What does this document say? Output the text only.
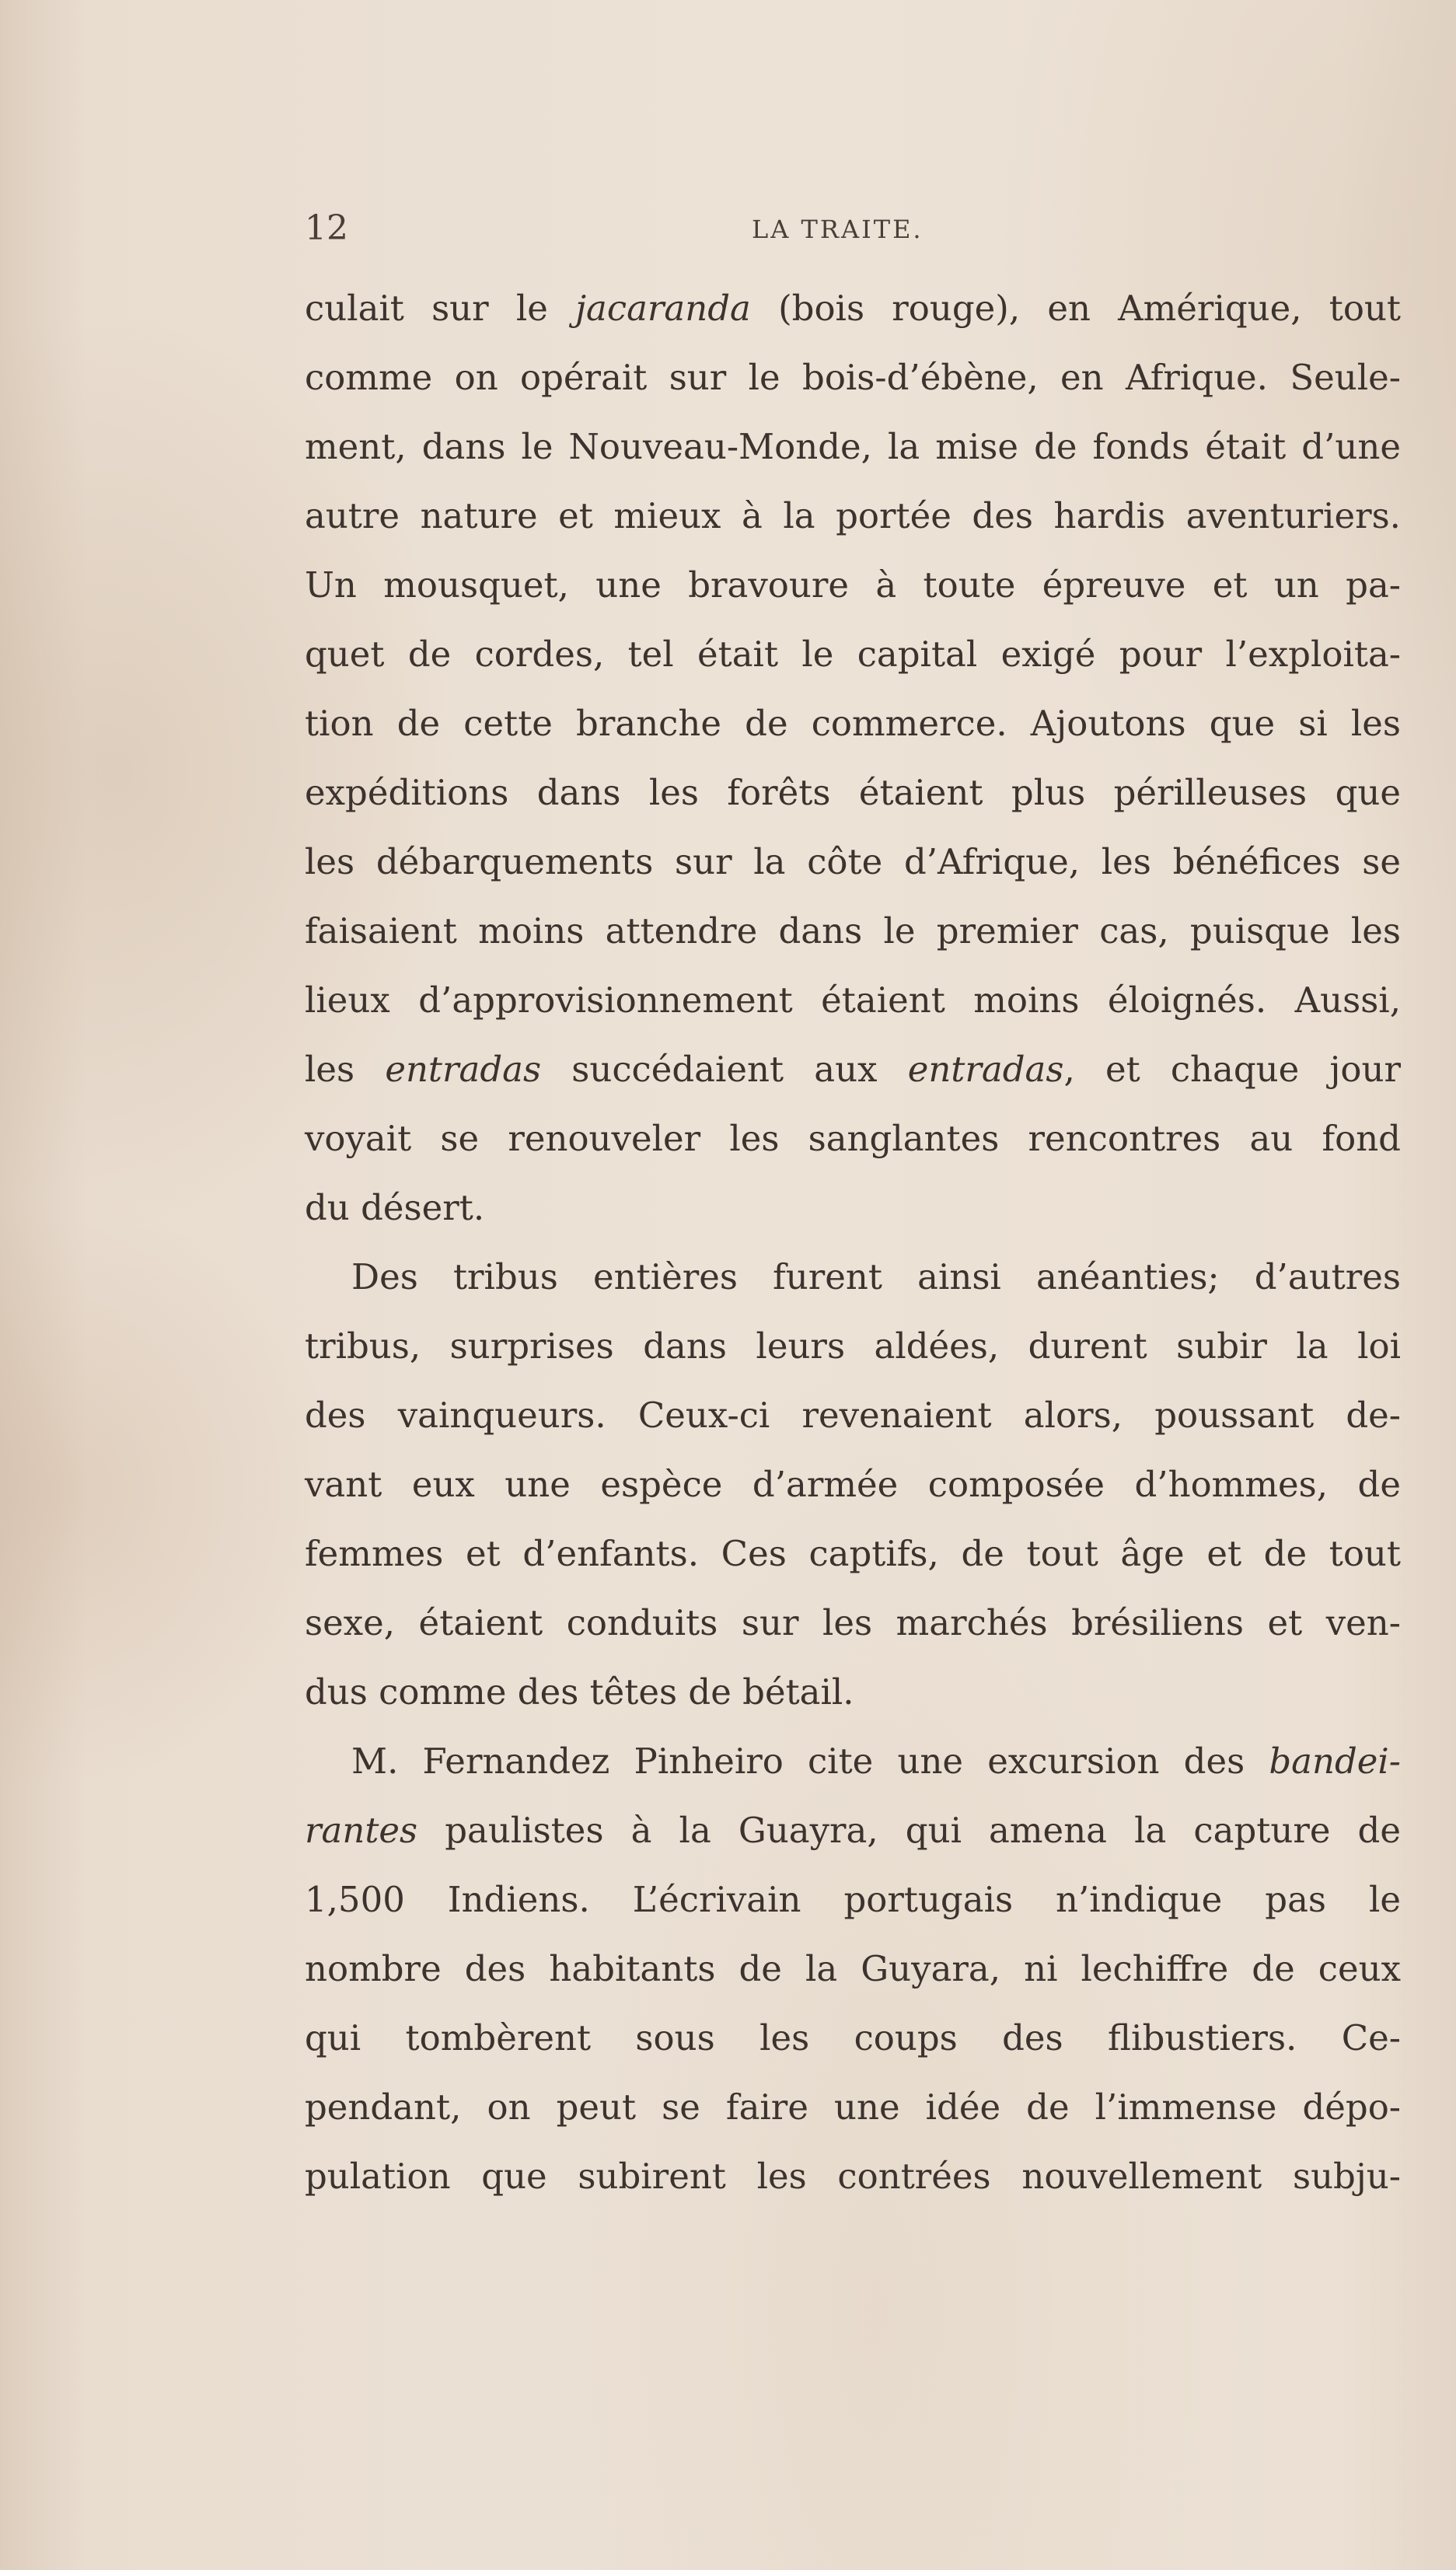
12	LA TRAITE.
culait sur le jacaranda (bois rouge), en Amérique, tout
comme on opérait sur le bois-d’ébène, en Afrique. Seule-
ment, dans le Nouveau-Monde, la mise de fonds était d’une
autre nature et mieux à la portée des hardis aventuriers.
Un mousquet, une bravoure à toute épreuve et un pa-
quet de cordes, tel était le capital exigé pour l’exploita-
tion de cette branche de commerce. Ajoutons que si les
expéditions dans les forêts étaient plus périlleuses que
les débarquements sur la côte d’Afrique, les bénéfices se
faisaient moins attendre dans le premier cas, puisque les
lieux d’approvisionnement étaient moins éloignés. Aussi,
les entradas succédaient aux entradas, et chaque jour
voyait se renouveler les sanglantes rencontres au fond
du désert.
Des tribus entières furent ainsi anéanties; d’autres
tribus, surprises dans leurs aldées, durent subir la loi
des vainqueurs. Ceux-ci revenaient alors, poussant de-
vant eux une espèce d’armée composée d’hommes, de
femmes et d’enfants. Ces captifs, de tout âge et de tout
sexe, étaient conduits sur les marchés brésiliens et ven-
dus comme des têtes de bétail.
M. Fernandez Pinheiro cite une excursion des bandei-
rantes paulistes à la Guayra, qui amena la capture de
1,500 Indiens. L’écrivain portugais n’indique pas le
nombre des habitants de la Guyara, ni lechiffre de ceux
qui tombèrent sous les coups des flibustiers. Ce-
pendant, on peut se faire une idée de l’immense dépo-
pulation que subirent les contrées nouvellement subju-
